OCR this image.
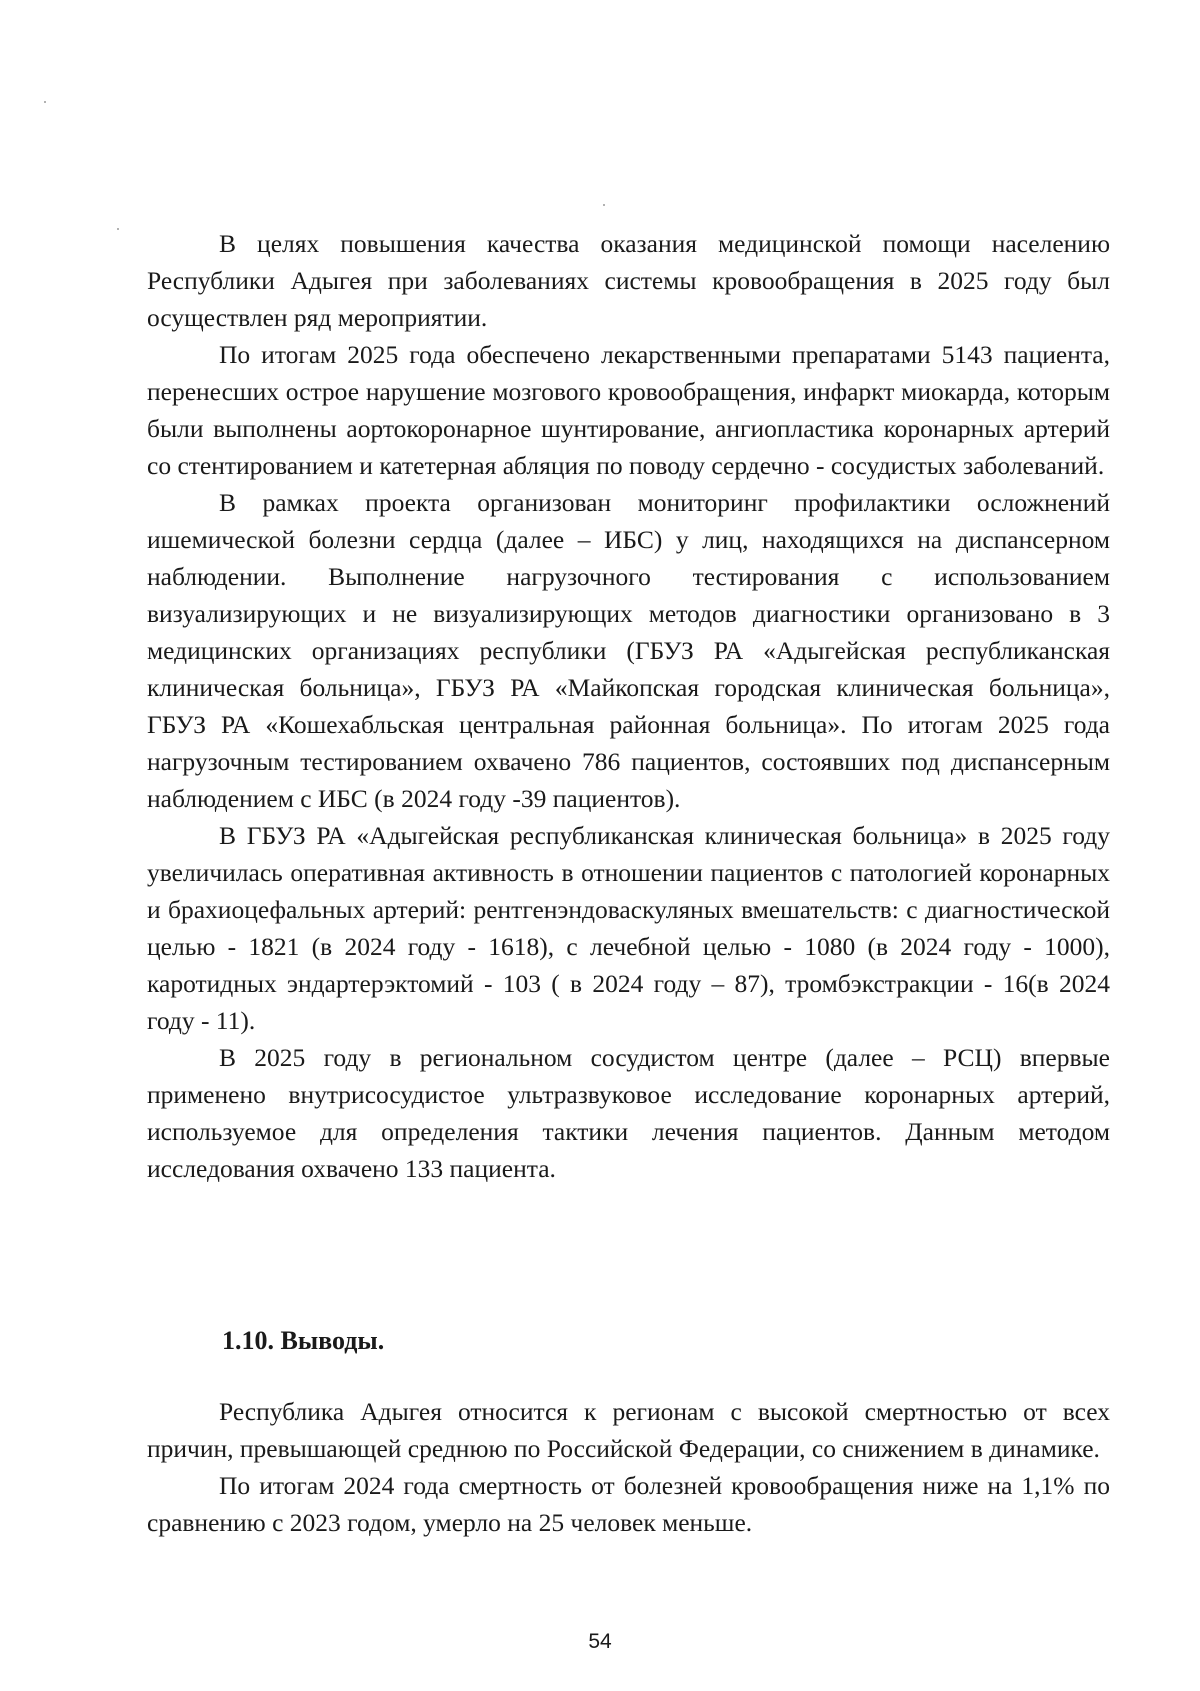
В целях повышения качества оказания медицинской помощи населению Республики Адыгея при заболеваниях системы кровообращения в 2025 году был осуществлен ряд мероприятии.

По итогам 2025 года обеспечено лекарственными препаратами 5143 пациента, перенесших острое нарушение мозгового кровообращения, инфаркт миокарда, которым были выполнены аортокоронарное шунтирование, ангиопластика коронарных артерий со стентированием и катетерная абляция по поводу сердечно - сосудистых заболеваний.

В рамках проекта организован мониторинг профилактики осложнений ишемической болезни сердца (далее – ИБС) у лиц, находящихся на диспансерном наблюдении. Выполнение нагрузочного тестирования с использованием визуализирующих и не визуализирующих методов диагностики организовано в 3 медицинских организациях республики (ГБУЗ РА «Адыгейская республиканская клиническая больница», ГБУЗ РА «Майкопская городская клиническая больница», ГБУЗ РА «Кошехабльская центральная районная больница». По итогам 2025 года нагрузочным тестированием охвачено 786 пациентов, состоявших под диспансерным наблюдением с ИБС (в 2024 году -39 пациентов).

В ГБУЗ РА «Адыгейская республиканская клиническая больница» в 2025 году увеличилась оперативная активность в отношении пациентов с патологией коронарных и брахиоцефальных артерий: рентгенэндоваскуляных вмешательств: с диагностической целью - 1821 (в 2024 году - 1618), с лечебной целью - 1080 (в 2024 году - 1000), каротидных эндартерэктомий - 103 ( в 2024 году – 87), тромбэкстракции - 16(в 2024 году - 11).

В 2025 году в региональном сосудистом центре (далее – РСЦ) впервые применено внутрисосудистое ультразвуковое исследование коронарных артерий, используемое для определения тактики лечения пациентов. Данным методом исследования охвачено 133 пациента.

1.10. Выводы.

Республика Адыгея относится к регионам с высокой смертностью от всех причин, превышающей среднюю по Российской Федерации, со снижением в динамике.

По итогам 2024 года смертность от болезней кровообращения ниже на 1,1% по сравнению с 2023 годом, умерло на 25 человек меньше.

54
